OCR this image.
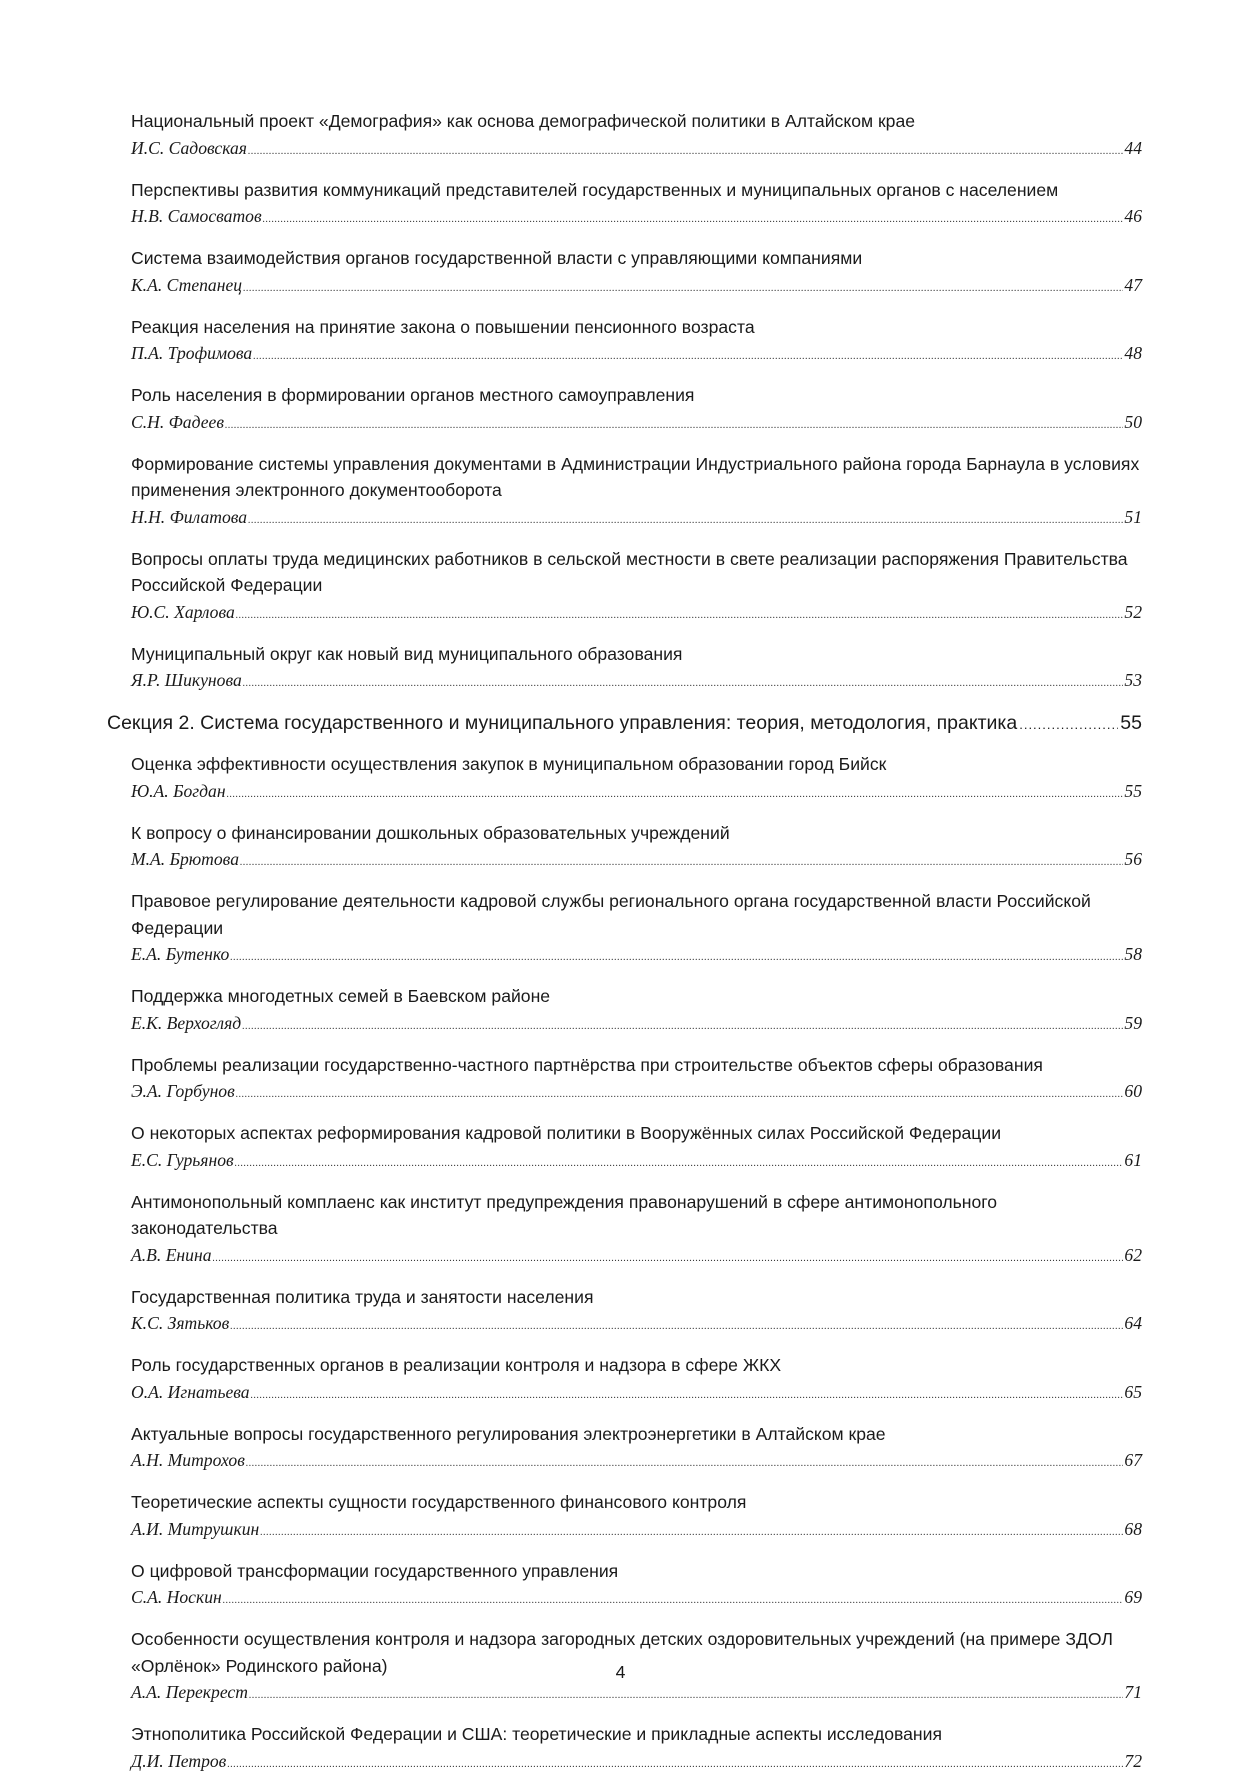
Национальный проект «Демография» как основа демографической политики в Алтайском крае
И.С. Садовская .....	44
Перспективы развития коммуникаций представителей государственных и муниципальных органов с населением
Н.В. Самосватов .....	46
Система взаимодействия органов государственной власти с управляющими компаниями
К.А. Степанец .....	47
Реакция населения на принятие закона о повышении пенсионного возраста
П.А. Трофимова .....	48
Роль населения в формировании органов местного самоуправления
С.Н. Фадеев .....	50
Формирование системы управления документами в Администрации Индустриального района города Барнаула в условиях применения электронного документооборота
Н.Н. Филатова .....	51
Вопросы оплаты труда медицинских работников в сельской местности в свете реализации распоряжения Правительства Российской Федерации
Ю.С. Харлова .....	52
Муниципальный округ как новый вид муниципального образования
Я.Р. Шикунова .....	53
Секция 2. Система государственного и муниципального управления: теория, методология, практика .....	55
Оценка эффективности осуществления закупок в муниципальном образовании город Бийск
Ю.А. Богдан .....	55
К вопросу о финансировании дошкольных образовательных учреждений
М.А. Брютова .....	56
Правовое регулирование деятельности кадровой службы регионального органа государственной власти Российской Федерации
Е.А. Бутенко .....	58
Поддержка многодетных семей в Баевском районе
Е.К. Верхогляд .....	59
Проблемы реализации государственно-частного партнёрства при строительстве объектов сферы образования
Э.А. Горбунов .....	60
О некоторых аспектах реформирования кадровой политики в Вооружённых силах Российской Федерации
Е.С. Гурьянов .....	61
Антимонопольный комплаенс как институт предупреждения правонарушений в сфере антимонопольного законодательства
А.В. Енина .....	62
Государственная политика труда и занятости населения
К.С. Зятьков .....	64
Роль государственных органов в реализации контроля и надзора в сфере ЖКХ
О.А. Игнатьева .....	65
Актуальные вопросы государственного регулирования электроэнергетики в Алтайском крае
А.Н. Митрохов .....	67
Теоретические аспекты сущности государственного финансового контроля
А.И. Митрушкин .....	68
О цифровой трансформации государственного управления
С.А. Носкин .....	69
Особенности осуществления контроля и надзора загородных детских оздоровительных учреждений (на примере ЗДОЛ «Орлёнок» Родинского района)
А.А. Перекрест .....	71
Этнополитика Российской Федерации и США: теоретические и прикладные аспекты исследования
Д.И. Петров .....	72
4
